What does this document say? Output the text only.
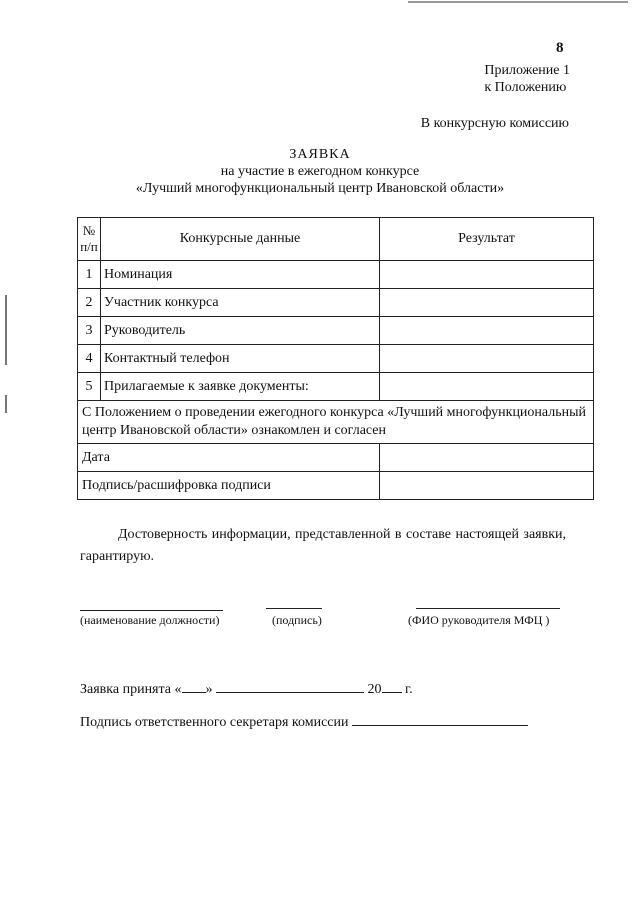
8
Приложение 1
к Положению
В конкурсную комиссию
ЗАЯВКА
на участие в ежегодном конкурсе
«Лучший многофункциональный центр Ивановской области»
№ п/п	Конкурсные данные	Результат
1	Номинация	
2	Участник конкурса	
3	Руководитель	
4	Контактный телефон	
5	Прилагаемые к заявке документы:	
С Положением о проведении ежегодного конкурса «Лучший многофункциональный центр Ивановской области» ознакомлен и согласен		
Дата		
Подпись/расшифровка подписи		
Достоверность информации, представленной в составе настоящей заявки, гарантирую.
(наименование должности)	(подпись)	(ФИО руководителя МФЦ )
Заявка принята « »	20 г.
Подпись ответственного секретаря комиссии
